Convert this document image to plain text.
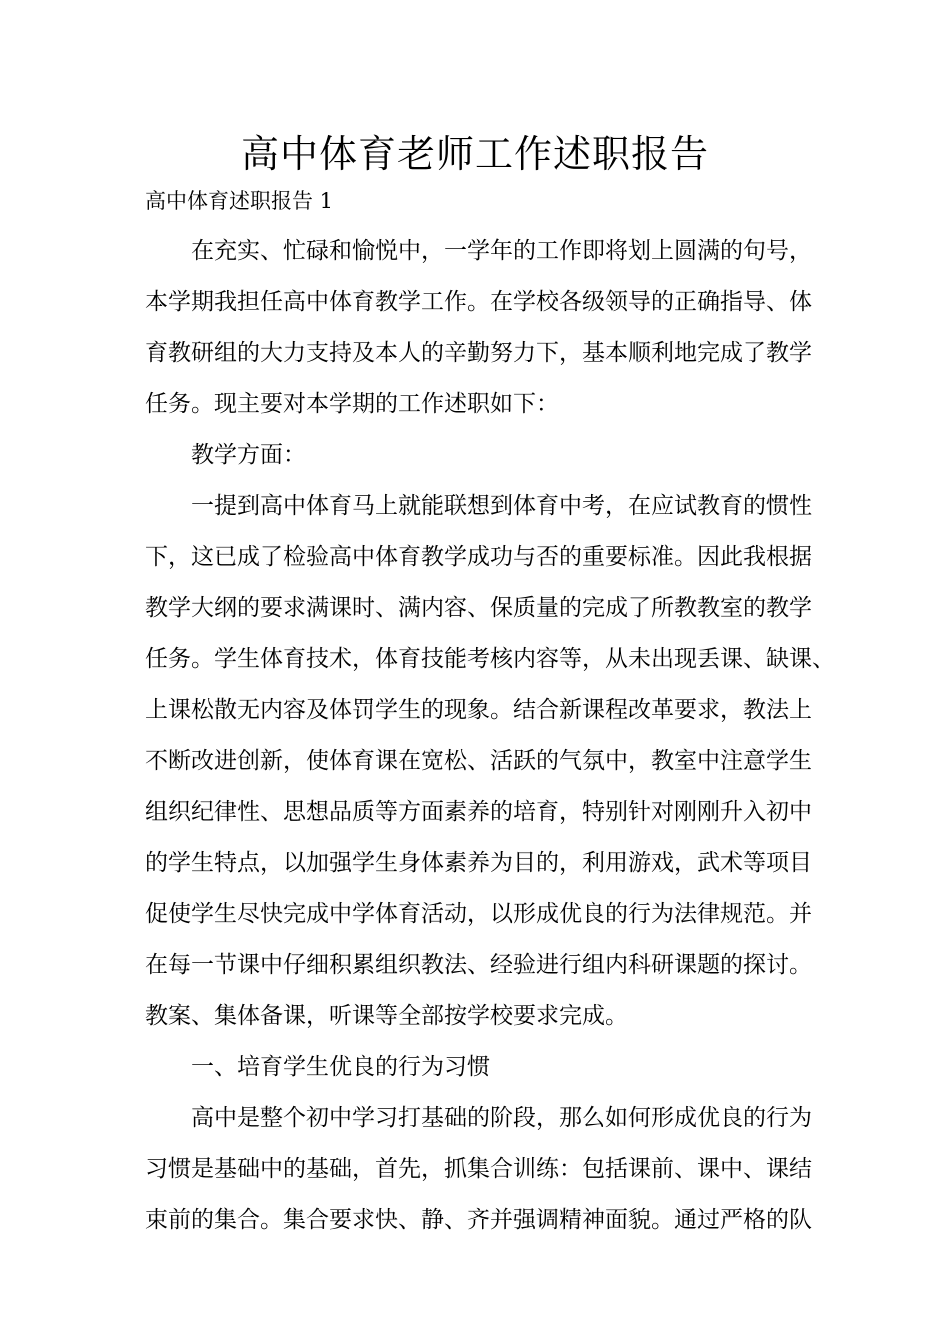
高中体育老师工作述职报告

高中体育述职报告 1

在充实、忙碌和愉悦中，一学年的工作即将划上圆满的句号，

本学期我担任高中体育教学工作。在学校各级领导的正确指导、体

育教研组的大力支持及本人的辛勤努力下，基本顺利地完成了教学

任务。现主要对本学期的工作述职如下：

教学方面：

一提到高中体育马上就能联想到体育中考，在应试教育的惯性

下，这已成了检验高中体育教学成功与否的重要标准。因此我根据

教学大纲的要求满课时、满内容、保质量的完成了所教教室的教学

任务。学生体育技术，体育技能考核内容等，从未出现丢课、缺课、

上课松散无内容及体罚学生的现象。结合新课程改革要求，教法上

不断改进创新，使体育课在宽松、活跃的气氛中，教室中注意学生

组织纪律性、思想品质等方面素养的培育，特别针对刚刚升入初中

的学生特点，以加强学生身体素养为目的，利用游戏，武术等项目

促使学生尽快完成中学体育活动，以形成优良的行为法律规范。并

在每一节课中仔细积累组织教法、经验进行组内科研课题的探讨。

教案、集体备课，听课等全部按学校要求完成。

一、培育学生优良的行为习惯

高中是整个初中学习打基础的阶段，那么如何形成优良的行为

习惯是基础中的基础，首先，抓集合训练：包括课前、课中、课结

束前的集合。集合要求快、静、齐并强调精神面貌。通过严格的队
